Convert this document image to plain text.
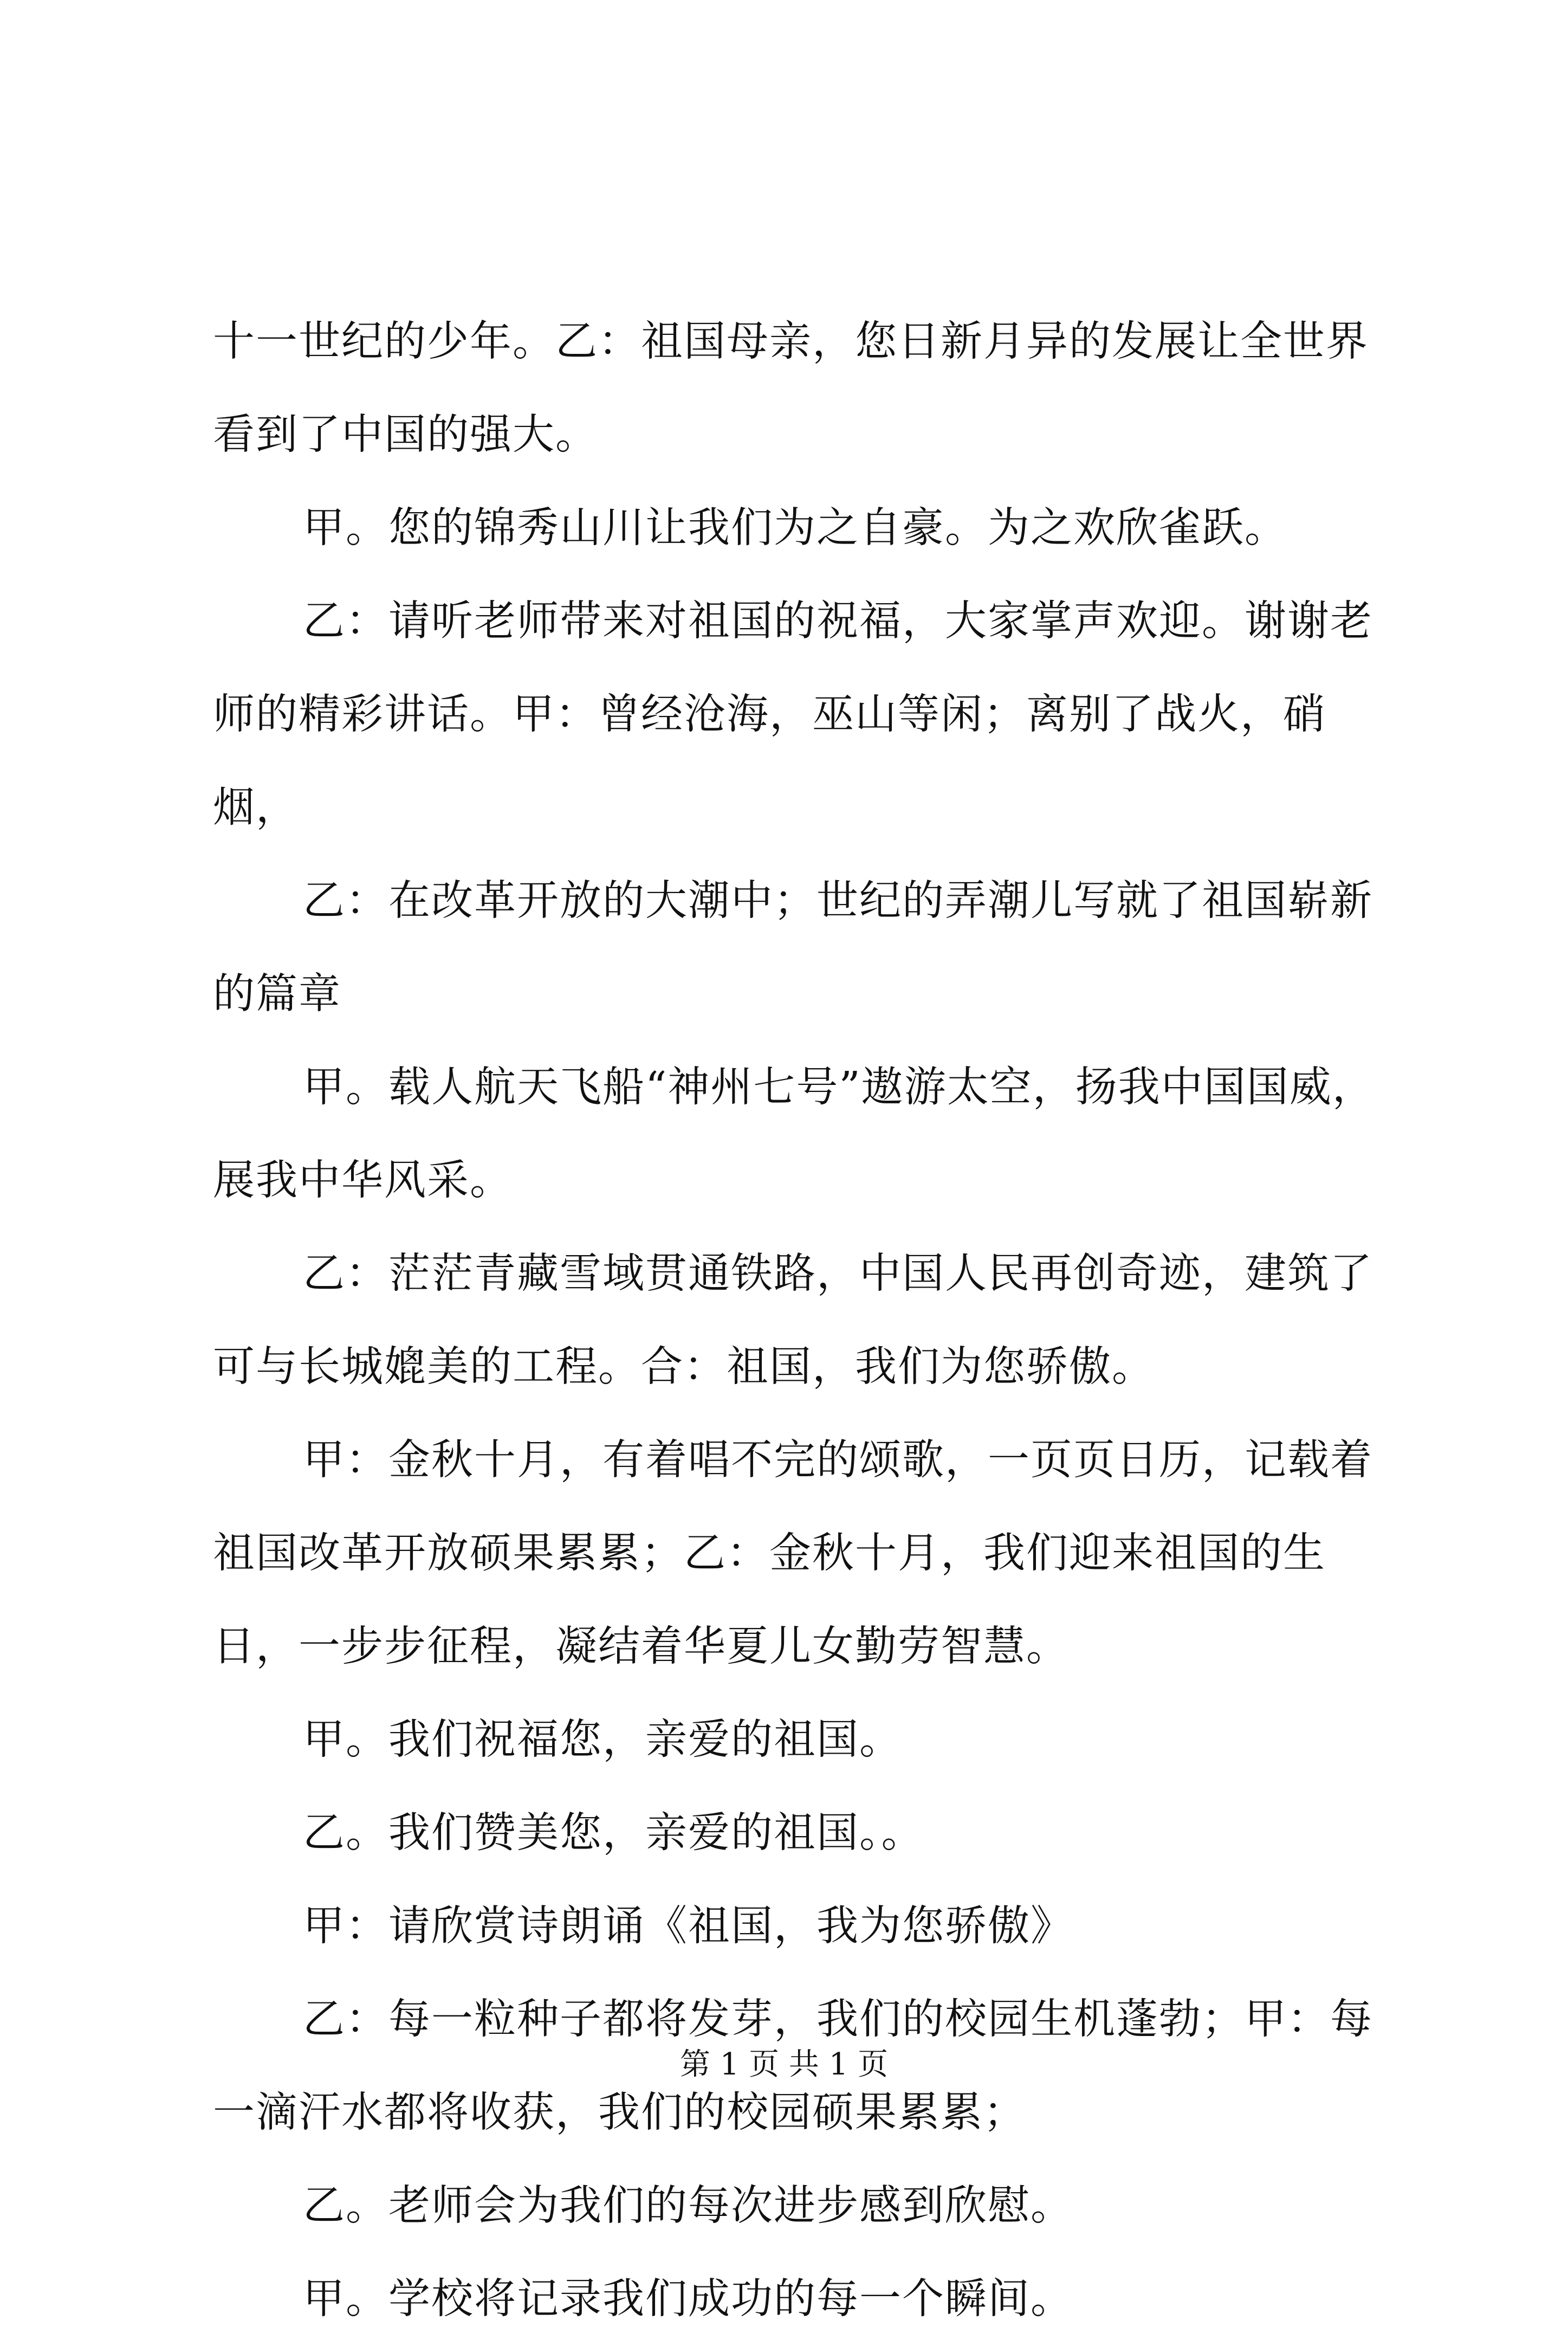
十一世纪的少年。乙：祖国母亲，您日新月异的发展让全世界看到了中国的强大。

甲。您的锦秀山川让我们为之自豪。为之欢欣雀跃。

乙：请听老师带来对祖国的祝福，大家掌声欢迎。谢谢老师的精彩讲话。甲：曾经沧海，巫山等闲；离别了战火，硝烟，

乙：在改革开放的大潮中；世纪的弄潮儿写就了祖国崭新的篇章

甲。载人航天飞船“神州七号”遨游太空，扬我中国国威，展我中华风采。

乙：茫茫青藏雪域贯通铁路，中国人民再创奇迹，建筑了可与长城媲美的工程。合：祖国，我们为您骄傲。

甲：金秋十月，有着唱不完的颂歌，一页页日历，记载着祖国改革开放硕果累累；乙：金秋十月，我们迎来祖国的生日，一步步征程，凝结着华夏儿女勤劳智慧。

甲。我们祝福您，亲爱的祖国。

乙。我们赞美您，亲爱的祖国。。

甲：请欣赏诗朗诵《祖国，我为您骄傲》

乙：每一粒种子都将发芽，我们的校园生机蓬勃；甲：每一滴汗水都将收获，我们的校园硕果累累；

乙。老师会为我们的每次进步感到欣慰。

甲。学校将记录我们成功的每一个瞬间。

第 1 页 共 1 页
